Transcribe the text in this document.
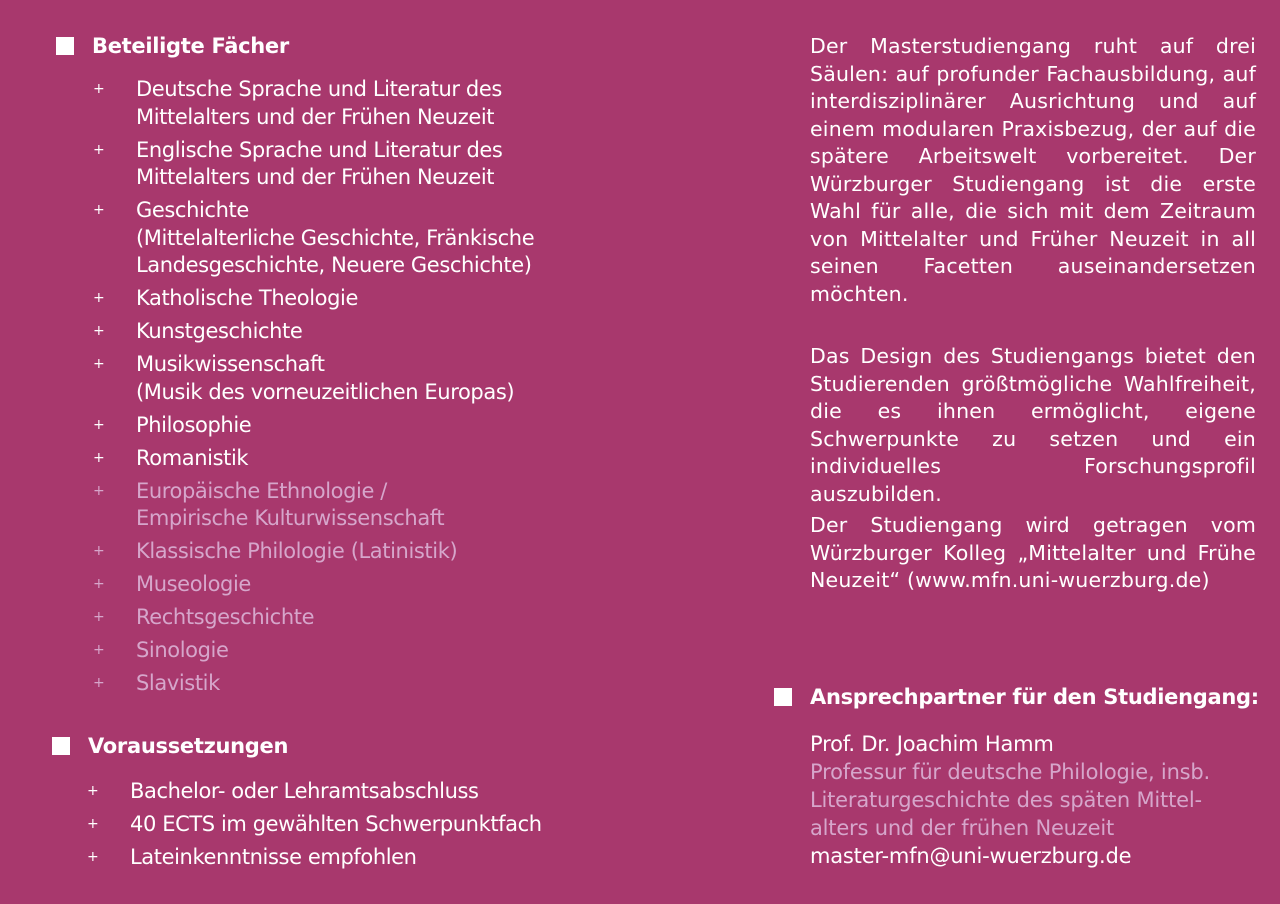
Beteiligte Fächer
+ Deutsche Sprache und Literatur des
Mittelalters und der Frühen Neuzeit
+ Englische Sprache und Literatur des
Mittelalters und der Frühen Neuzeit
+ Geschichte
(Mittelalterliche Geschichte, Fränkische
Landesgeschichte, Neuere Geschichte)
+ Katholische Theologie
+ Kunstgeschichte
+ Musikwissenschaft
(Musik des vorneuzeitlichen Europas)
+ Philosophie
+ Romanistik
+ Europäische Ethnologie /
Empirische Kulturwissenschaft
+ Klassische Philologie (Latinistik)
+ Museologie
+ Rechtsgeschichte
+ Sinologie
+ Slavistik
Voraussetzungen
+ Bachelor- oder Lehramtsabschluss
+ 40 ECTS im gewählten Schwerpunktfach
+ Lateinkenntnisse empfohlen
Der Masterstudiengang ruht auf drei Säulen: auf profunder Fachausbildung, auf interdisziplinärer Ausrichtung und auf einem modularen Praxisbezug, der auf die spätere Arbeitswelt vorbereitet. Der Würzburger Studiengang ist die erste Wahl für alle, die sich mit dem Zeitraum von Mittelalter und Früher Neuzeit in all seinen Facetten auseinandersetzen möchten.
Das Design des Studiengangs bietet den Studierenden größtmögliche Wahlfreiheit, die es ihnen ermöglicht, eigene Schwerpunkte zu setzen und ein individuelles Forschungsprofil auszubilden.
Der Studiengang wird getragen vom Würzburger Kolleg „Mittelalter und Frühe Neuzeit“ (www.mfn.uni-wuerzburg.de)
Ansprechpartner für den Studiengang:
Prof. Dr. Joachim Hamm
Professur für deutsche Philologie, insb.
Literaturgeschichte des späten Mittel-
alters und der frühen Neuzeit
master-mfn@uni-wuerzburg.de
